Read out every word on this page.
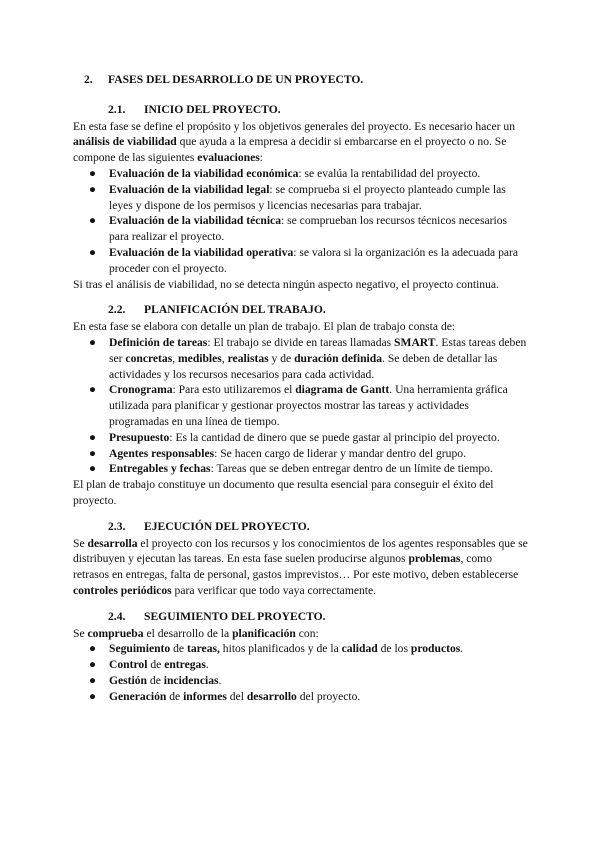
2. FASES DEL DESARROLLO DE UN PROYECTO.
2.1. INICIO DEL PROYECTO.

En esta fase se define el propósito y los objetivos generales del proyecto. Es necesario hacer un análisis de viabilidad que ayuda a la empresa a decidir si embarcarse en el proyecto o no. Se compone de las siguientes evaluaciones:

● Evaluación de la viabilidad económica: se evalúa la rentabilidad del proyecto.
● Evaluación de la viabilidad legal: se comprueba si el proyecto planteado cumple las leyes y dispone de los permisos y licencias necesarias para trabajar.
● Evaluación de la viabilidad técnica: se comprueban los recursos técnicos necesarios para realizar el proyecto.
● Evaluación de la viabilidad operativa: se valora si la organización es la adecuada para proceder con el proyecto.

Si tras el análisis de viabilidad, no se detecta ningún aspecto negativo, el proyecto continua.

2.2. PLANIFICACIÓN DEL TRABAJO.

En esta fase se elabora con detalle un plan de trabajo. El plan de trabajo consta de:

● Definición de tareas: El trabajo se divide en tareas llamadas SMART. Estas tareas deben ser concretas, medibles, realistas y de duración definida. Se deben de detallar las actividades y los recursos necesarios para cada actividad.
● Cronograma: Para esto utilizaremos el diagrama de Gantt. Una herramienta gráfica utilizada para planificar y gestionar proyectos mostrar las tareas y actividades programadas en una línea de tiempo.
● Presupuesto: Es la cantidad de dinero que se puede gastar al principio del proyecto.
● Agentes responsables: Se hacen cargo de liderar y mandar dentro del grupo.
● Entregables y fechas: Tareas que se deben entregar dentro de un límite de tiempo.

El plan de trabajo constituye un documento que resulta esencial para conseguir el éxito del proyecto.

2.3. EJECUCIÓN DEL PROYECTO.

Se desarrolla el proyecto con los recursos y los conocimientos de los agentes responsables que se distribuyen y ejecutan las tareas. En esta fase suelen producirse algunos problemas, como retrasos en entregas, falta de personal, gastos imprevistos… Por este motivo, deben establecerse controles periódicos para verificar que todo vaya correctamente.

2.4. SEGUIMIENTO DEL PROYECTO.

Se comprueba el desarrollo de la planificación con:

● Seguimiento de tareas, hitos planificados y de la calidad de los productos.
● Control de entregas.
● Gestión de incidencias.
● Generación de informes del desarrollo del proyecto.
